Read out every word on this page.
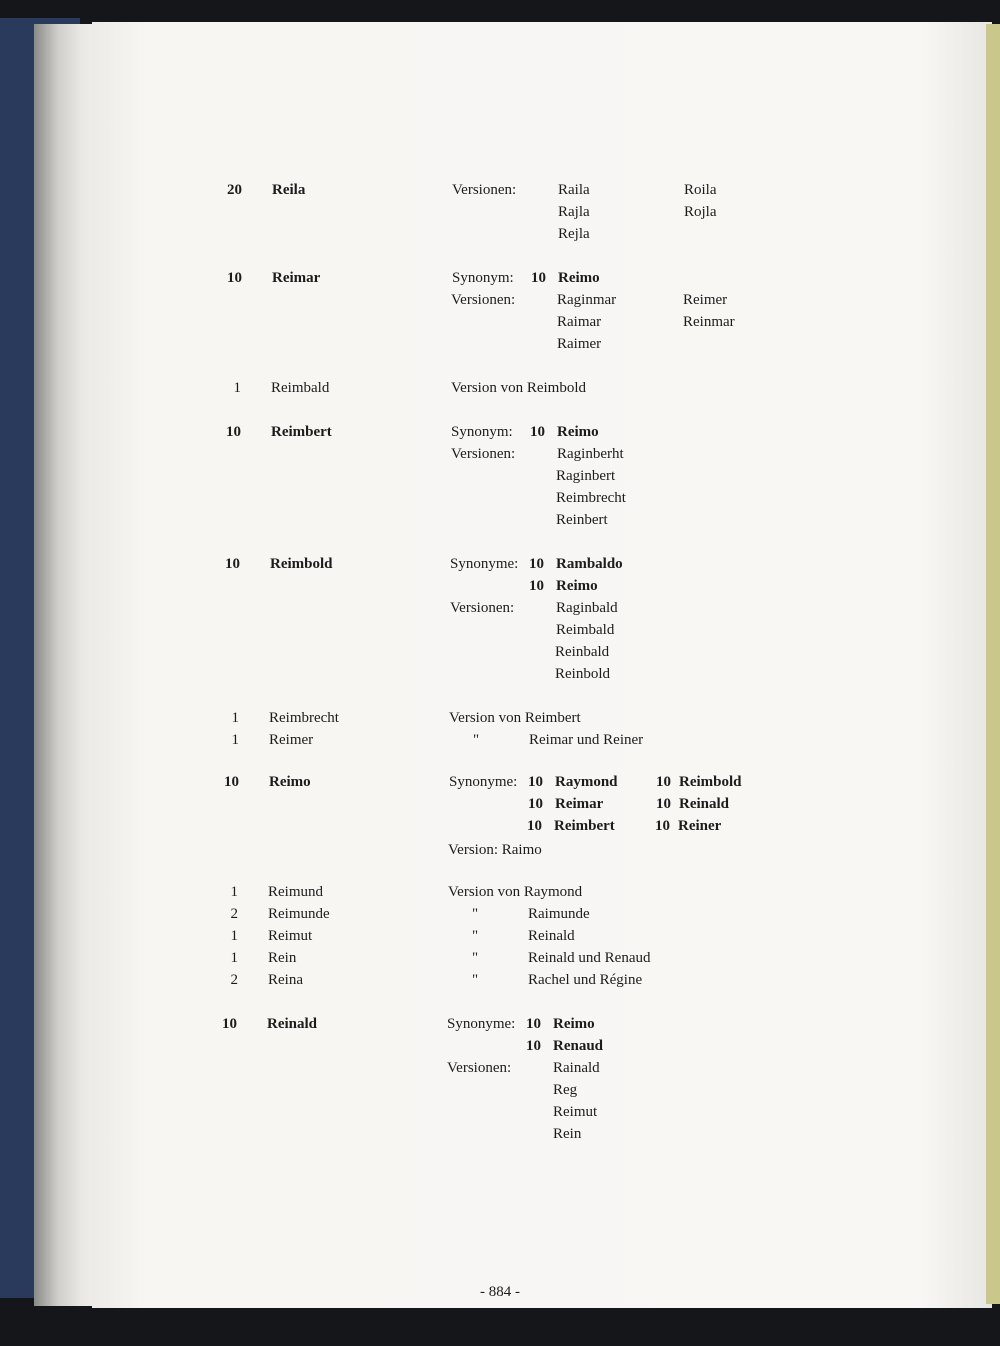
20 Reila	Versionen:	Raila	Roila
Rajla	Rojla
Rejla
10 Reimar	Synonym: 10 Reimo
Versionen:	Raginmar	Reimer
Raimar	Reinmar
Raimer
1 Reimbald	Version von Reimbold
10 Reimbert	Synonym: 10 Reimo
Versionen:	Raginberht
Raginbert
Reimbrecht
Reinbert
10 Reimbold	Synonyme: 10 Rambaldo
10 Reimo
Versionen:	Raginbald
Reimbald
Reinbald
Reinbold
1 Reimbrecht	Version von Reimbert
1 Reimer	"	Reimar und Reiner
10 Reimo	Synonyme: 10 Raymond	10 Reimbold
10 Reimar	10 Reinald
10 Reimbert	10 Reiner
Version: Raimo
1 Reimund	Version von Raymond
2 Reimunde	"	Raimunde
1 Reimut	"	Reinald
1 Rein	"	Reinald und Renaud
2 Reina	"	Rachel und Régine
10 Reinald	Synonyme: 10 Reimo
10 Renaud
Versionen:	Rainald
Reg
Reimut
Rein
- 884 -
